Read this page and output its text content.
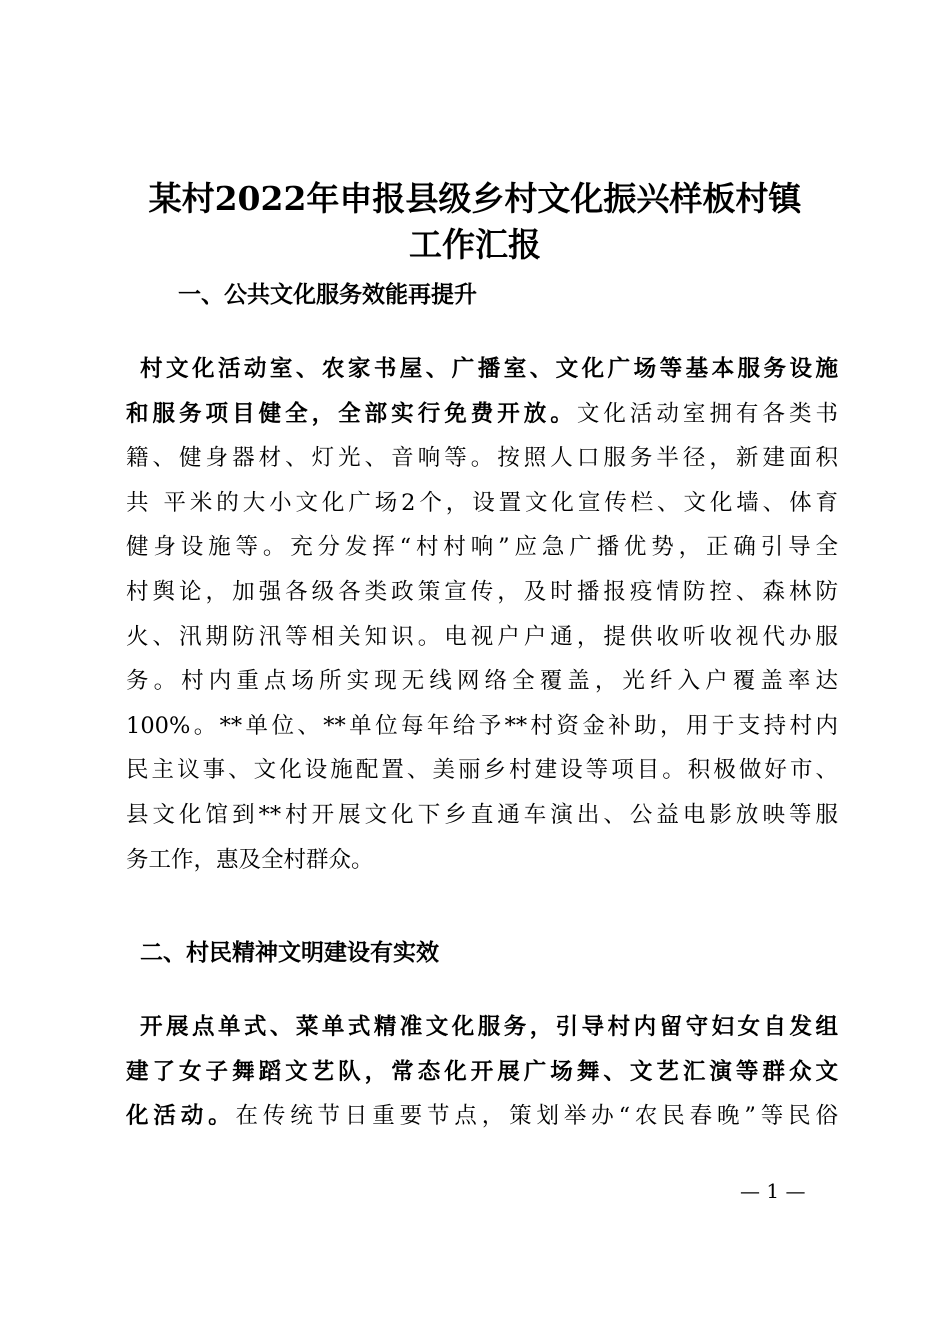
某村2022年申报县级乡村文化振兴样板村镇
工作汇报
一、公共文化服务效能再提升
村文化活动室、农家书屋、广播室、文化广场等基本服务设施
和服务项目健全，全部实行免费开放。文化活动室拥有各类书
籍、健身器材、灯光、音响等。按照人口服务半径，新建面积
共 平米的大小文化广场2个，设置文化宣传栏、文化墙、体育
健身设施等。充分发挥“村村响”应急广播优势，正确引导全
村舆论，加强各级各类政策宣传，及时播报疫情防控、森林防
火、汛期防汛等相关知识。电视户户通，提供收听收视代办服
务。村内重点场所实现无线网络全覆盖，光纤入户覆盖率达
100%。**单位、**单位每年给予**村资金补助，用于支持村内
民主议事、文化设施配置、美丽乡村建设等项目。积极做好市、
县文化馆到**村开展文化下乡直通车演出、公益电影放映等服
务工作，惠及全村群众。
二、村民精神文明建设有实效
开展点单式、菜单式精准文化服务，引导村内留守妇女自发组
建了女子舞蹈文艺队，常态化开展广场舞、文艺汇演等群众文
化活动。在传统节日重要节点，策划举办“农民春晚”等民俗
— 1 —
